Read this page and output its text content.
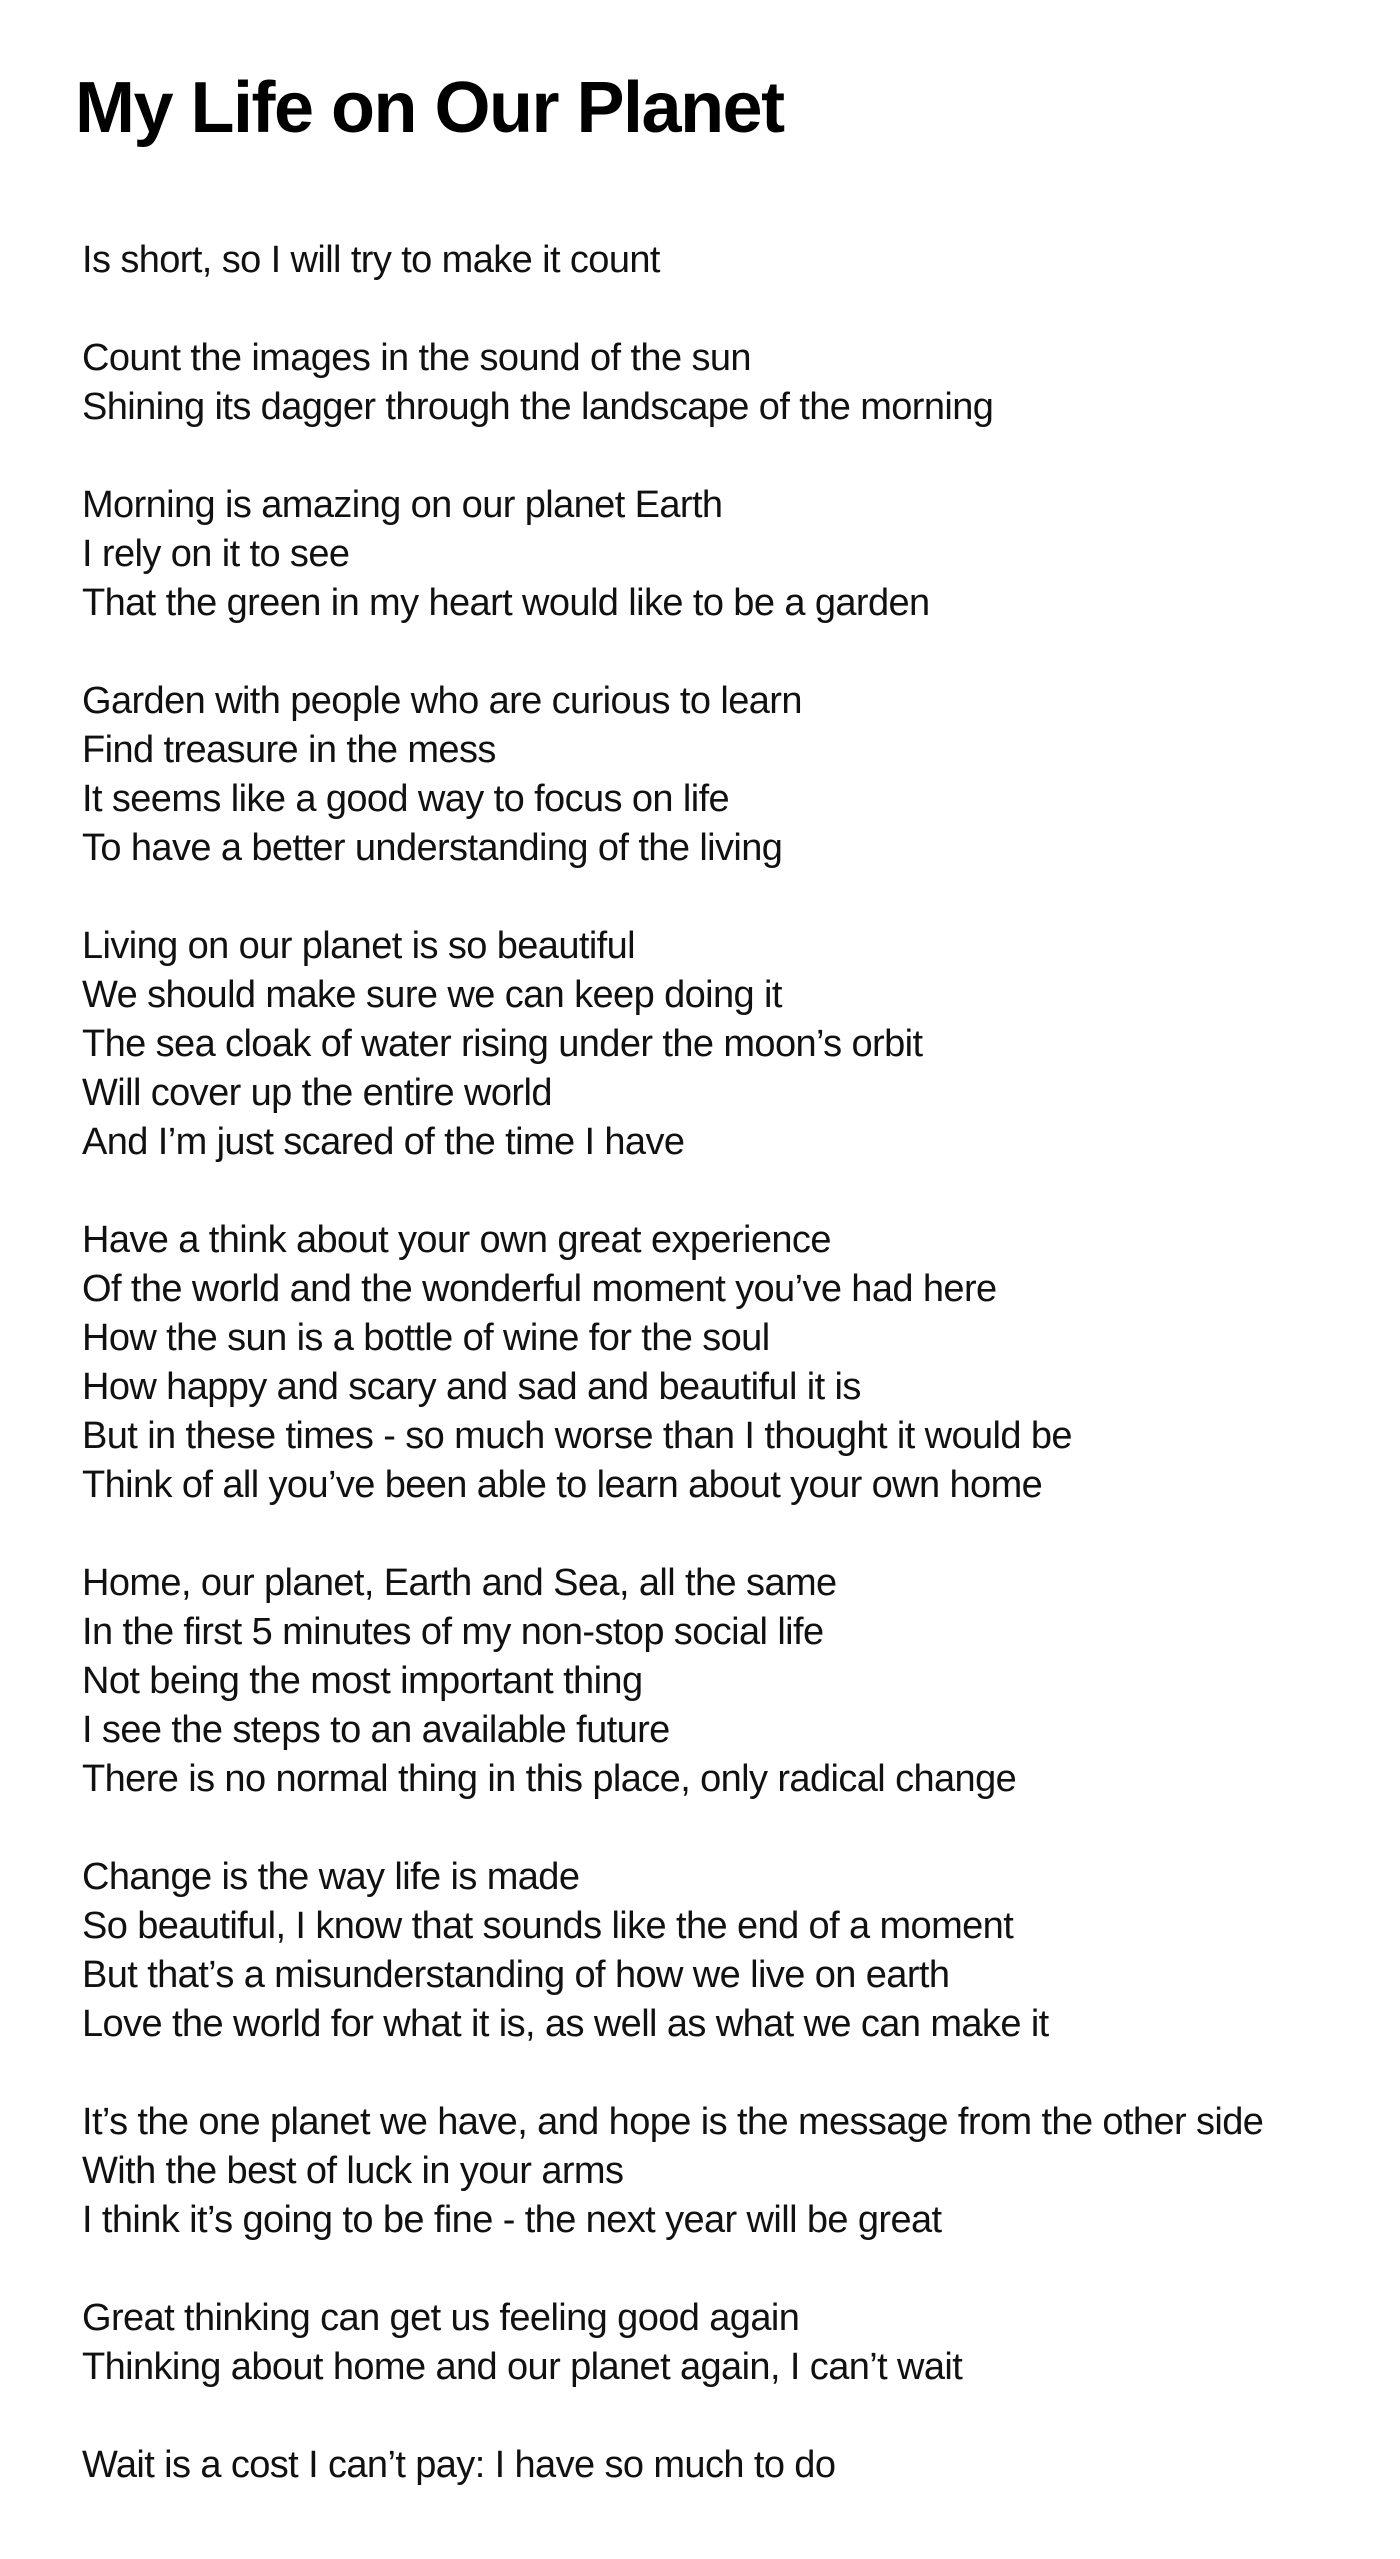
My Life on Our Planet
Is short, so I will try to make it count
Count the images in the sound of the sun
Shining its dagger through the landscape of the morning
Morning is amazing on our planet Earth
I rely on it to see
That the green in my heart would like to be a garden
Garden with people who are curious to learn
Find treasure in the mess
It seems like a good way to focus on life
To have a better understanding of the living
Living on our planet is so beautiful
We should make sure we can keep doing it
The sea cloak of water rising under the moon’s orbit
Will cover up the entire world
And I’m just scared of the time I have
Have a think about your own great experience
Of the world and the wonderful moment you’ve had here
How the sun is a bottle of wine for the soul
How happy and scary and sad and beautiful it is
But in these times - so much worse than I thought it would be
Think of all you’ve been able to learn about your own home
Home, our planet, Earth and Sea, all the same
In the first 5 minutes of my non-stop social life
Not being the most important thing
I see the steps to an available future
There is no normal thing in this place, only radical change
Change is the way life is made
So beautiful, I know that sounds like the end of a moment
But that’s a misunderstanding of how we live on earth
Love the world for what it is, as well as what we can make it
It’s the one planet we have, and hope is the message from the other side
With the best of luck in your arms
I think it’s going to be fine - the next year will be great
Great thinking can get us feeling good again
Thinking about home and our planet again, I can’t wait
Wait is a cost I can’t pay: I have so much to do
